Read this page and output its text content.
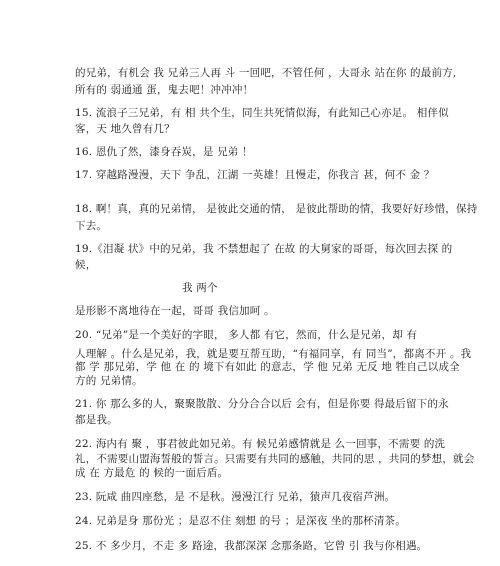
的兄弟，有机会 我 兄弟三人再 斗 一回吧，不管任何 ，大哥永 站在你 的最前方,
所有的 弱通通 蛋，鬼去吧！冲冲冲！
15. 流浪子三兄弟，有 相 共个生，同生共死情似海，有此知己心亦足。 相伴似
客，天 地久曾有几？
16. 恩仇了然，漆身吞炭，是 兄弟 ！
17. 穿越路漫漫，天下 争乱，江湖 一英雄！且慢走，你我言 甚，何不 金 ？
18. 啊！真，真的兄弟情， 是彼此交通的情， 是彼此帮助的情，我要好好珍惜，保持
下去。
19.《泪凝 状》中的兄弟，我 不禁想起了 在故 的大舅家的哥哥，每次回去探 的
候，
我 两个
是形影不离地待在一起，哥哥 我信加呵 。
20. “兄弟”是一个美好的字眼， 多人都 有它，然而，什么是兄弟，却 有
人理解 。什么是兄弟，我，就是要互帮互助，“有福同享，有 同当”，都离不开 。我
都 学 那兄弟，学 他 在 的 境下有如此 的意志，学 他 兄弟 无反 地 牲自己以成全
方的 兄弟情。
21. 你 那么多的人，聚聚散散、分分合合以后 会有，但是你要 得最后留下的永
都是我。
22. 海内有 聚 ，事君彼此如兄弟。有 候兄弟感情就是 么一回事，不需要 的洗
礼，不需要山盟海誓般的誓言。只需要有共同的感触，共同的思 ，共同的梦想，就会
成 在 方最危 的 候的一面后盾。
23. 阮咸 曲四座愁，是 不是秋。漫漫江行 兄弟，猿声几夜宿芦洲。
24. 兄弟是身 那份光 ；是忍不住 刻想 的号 ；是深夜 坐的那杯清茶。
25. 不 多少月，不走 多 路途，我都深深 念那条路，它曾 引 我与你相遇。
